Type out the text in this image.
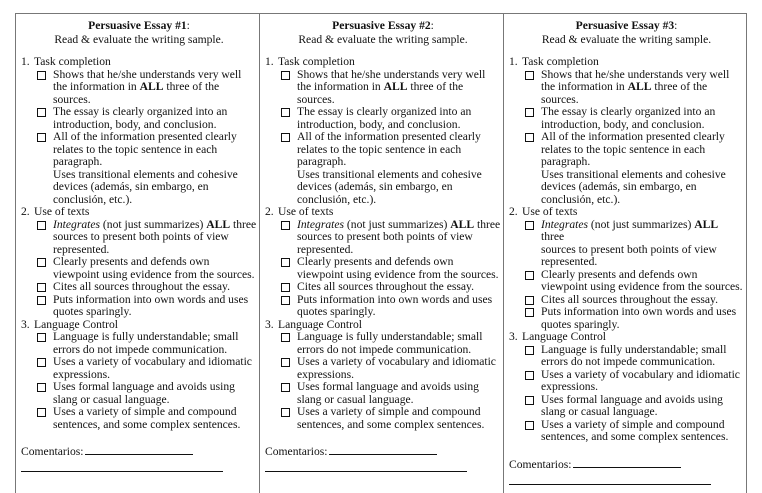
Persuasive Essay #1:
Read & evaluate the writing sample.
1. Task completion
Shows that he/she understands very well
the information in ALL three of the
sources.
The essay is clearly organized into an
introduction, body, and conclusion.
All of the information presented clearly
relates to the topic sentence in each
paragraph.
Uses transitional elements and cohesive
devices (además, sin embargo, en
conclusión, etc.).
2. Use of texts
Integrates (not just summarizes) ALL three
sources to present both points of view
represented.
Clearly presents and defends own
viewpoint using evidence from the sources.
Cites all sources throughout the essay.
Puts information into own words and uses
quotes sparingly.
3. Language Control
Language is fully understandable; small
errors do not impede communication.
Uses a variety of vocabulary and idiomatic
expressions.
Uses formal language and avoids using
slang or casual language.
Uses a variety of simple and compound
sentences, and some complex sentences.
Comentarios:
Persuasive Essay #2:
Read & evaluate the writing sample.
1. Task completion
Shows that he/she understands very well
the information in ALL three of the
sources.
The essay is clearly organized into an
introduction, body, and conclusion.
All of the information presented clearly
relates to the topic sentence in each
paragraph.
Uses transitional elements and cohesive
devices (además, sin embargo, en
conclusión, etc.).
2. Use of texts
Integrates (not just summarizes) ALL three
sources to present both points of view
represented.
Clearly presents and defends own
viewpoint using evidence from the sources.
Cites all sources throughout the essay.
Puts information into own words and uses
quotes sparingly.
3. Language Control
Language is fully understandable; small
errors do not impede communication.
Uses a variety of vocabulary and idiomatic
expressions.
Uses formal language and avoids using
slang or casual language.
Uses a variety of simple and compound
sentences, and some complex sentences.
Comentarios:
Persuasive Essay #3:
Read & evaluate the writing sample.
1. Task completion
Shows that he/she understands very well
the information in ALL three of the
sources.
The essay is clearly organized into an
introduction, body, and conclusion.
All of the information presented clearly
relates to the topic sentence in each
paragraph.
Uses transitional elements and cohesive
devices (además, sin embargo, en
conclusión, etc.).
2. Use of texts
Integrates (not just summarizes) ALL three
sources to present both points of view
represented.
Clearly presents and defends own
viewpoint using evidence from the sources.
Cites all sources throughout the essay.
Puts information into own words and uses
quotes sparingly.
3. Language Control
Language is fully understandable; small
errors do not impede communication.
Uses a variety of vocabulary and idiomatic
expressions.
Uses formal language and avoids using
slang or casual language.
Uses a variety of simple and compound
sentences, and some complex sentences.
Comentarios:
